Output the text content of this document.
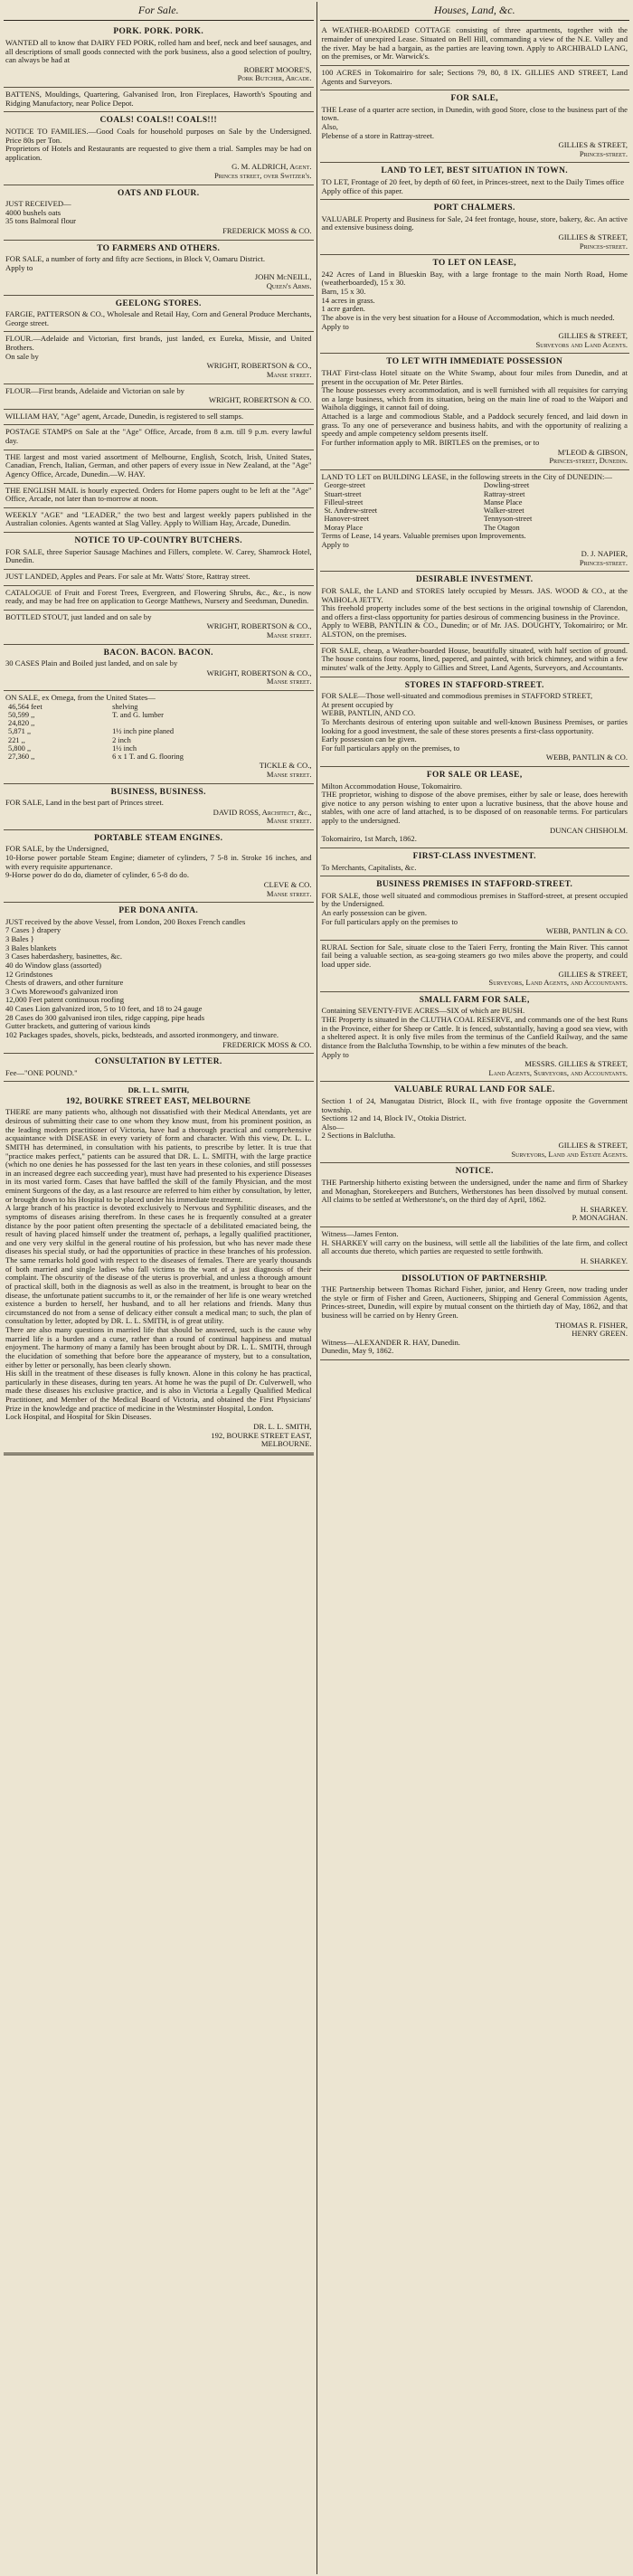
For Sale.
PORK. PORK. PORK.

WANTED all to know that DAIRY FED PORK, rolled ham and beef, neck and beef sausages, and all descriptions of small goods connected with the pork business, also a good selection of poultry, can always be had at

ROBERT MOORE'S,
Pork Butcher, Arcade.

BATTENS, Mouldings, Quartering, Galvanised Iron, Iron Fireplaces, Haworth's Spouting and Ridging Manufactory, near Police Depot.

COALS! COALS!! COALS!!!

NOTICE TO FAMILIES.—Good Coals for household purposes on Sale by the Undersigned. Price 80s per Ton.
Proprietors of Hotels and Restaurants are requested to give them a trial. Samples may be had on application.

G. M. ALDRICH, Agent.
Princes street, over Switzer's.
OATS AND FLOUR.

JUST RECEIVED—
4000 bushels oats
35 tons Balmoral flour

FREDERICK MOSS & CO.
TO FARMERS AND OTHERS.

FOR SALE, a number of forty and fifty acre Sections, in Block V, Oamaru District.
Apply to

JOHN McNEILL,
Queen's Arms.
GEELONG STORES.

FARGIE, PATTERSON & CO., Wholesale and Retail Hay, Corn and General Produce Merchants, George street.

FLOUR.—Adelaide and Victorian, first brands, just landed, ex Eureka, Missie, and United Brothers.
On sale by

WRIGHT, ROBERTSON & CO.,
Manse street.

FLOUR—First brands, Adelaide and Victorian on sale by

WRIGHT, ROBERTSON & CO.

WILLIAM HAY, "Age" agent, Arcade, Dunedin, is registered to sell stamps.

POSTAGE STAMPS on Sale at the "Age" Office, Arcade, from 8 a.m. till 9 p.m. every lawful day.

THE largest and most varied assortment of Melbourne, English, Scotch, Irish, United States, Canadian, French, Italian, German, and other papers of every issue in New Zealand, at the "Age" Agency Office, Arcade, Dunedin.—W. HAY.

THE ENGLISH MAIL is hourly expected. Orders for Home papers ought to be left at the "Age" Office, Arcade, not later than to-morrow at noon.

WEEKLY "AGE" and "LEADER," the two best and largest weekly papers published in the Australian colonies. Agents wanted at Slag Valley. Apply to William Hay, Arcade, Dunedin.

NOTICE TO UP-COUNTRY BUTCHERS.

FOR SALE, three Superior Sausage Machines and Fillers, complete. W. Carey, Shamrock Hotel, Dunedin.

JUST LANDED, Apples and Pears. For sale at Mr. Watts' Store, Rattray street.

CATALOGUE of Fruit and Forest Trees, Evergreen, and Flowering Shrubs, &c., &c., is now ready, and may be had free on application to George Matthews, Nursery and Seedsman, Dunedin.

BOTTLED STOUT, just landed and on sale by

WRIGHT, ROBERTSON & CO.,
Manse street.
BACON. BACON. BACON.

30 CASES Plain and Boiled just landed, and on sale by

WRIGHT, ROBERTSON & CO.,
Manse street.

ON SALE, ex Omega, from the United States—

46,564 feet	shelving
50,599 ,,	T. and G. lumber
24,820 ,,	
5,871 ,,	1½ inch pine planed
221 ,,	2 inch
5,800 ,,	1½ inch
27,360 ,,	6 x 1 T. and G. flooring
TICKLE & CO.,
Manse street.
BUSINESS, BUSINESS.

FOR SALE, Land in the best part of Princes street.

DAVID ROSS, Architect, &c.,
Manse street.
PORTABLE STEAM ENGINES.

FOR SALE, by the Undersigned,
10-Horse power portable Steam Engine; diameter of cylinders, 7 5-8 in. Stroke 16 inches, and with every requisite appurtenance.
9-Horse power do do do, diameter of cylinder, 6 5-8 do do.

CLEVE & CO.
Manse street.
PER DONA ANITA.

JUST received by the above Vessel, from London, 200 Boxes French candles
7 Cases } drapery
3 Bales }
3 Bales blankets
3 Cases haberdashery, basinettes, &c.
40 do Window glass (assorted)
12 Grindstones
Chests of drawers, and other furniture
3 Cwts Morewood's galvanized iron
12,000 Feet patent continuous roofing
40 Cases Lion galvanized iron, 5 to 10 feet, and 18 to 24 gauge
28 Cases do 300 galvanised iron tiles, ridge capping, pipe heads
Gutter brackets, and guttering of various kinds
102 Packages spades, shovels, picks, bedsteads, and assorted ironmongery, and tinware.

FREDERICK MOSS & CO.
CONSULTATION BY LETTER.

Fee—"ONE POUND."

DR. L. L. SMITH,
192, BOURKE STREET EAST, MELBOURNE

THERE are many patients who, although not dissatisfied with their Medical Attendants, yet are desirous of submitting their case to one whom they know must, from his prominent position, as the leading modern practitioner of Victoria, have had a thorough practical and comprehensive acquaintance with DISEASE in every variety of form and character. With this view, Dr. L. L. SMITH has determined, in consultation with his patients, to prescribe by letter. It is true that "practice makes perfect," patients can be assured that DR. L. L. SMITH, with the large practice (which no one denies he has possessed for the last ten years in these colonies, and still possesses in an increased degree each succeeding year), must have had presented to his experience Diseases in its most varied form. Cases that have baffled the skill of the family Physician, and the most eminent Surgeons of the day, as a last resource are referred to him either by consultation, by letter, or brought down to his Hospital to be placed under his immediate treatment.
A large branch of his practice is devoted exclusively to Nervous and Syphilitic diseases, and the symptoms of diseases arising therefrom. In these cases he is frequently consulted at a greater distance by the poor patient often presenting the spectacle of a debilitated emaciated being, the result of having placed himself under the treatment of, perhaps, a legally qualified practitioner, and one very very skilful in the general routine of his profession, but who has never made these diseases his special study, or had the opportunities of practice in these branches of his profession. The same remarks hold good with respect to the diseases of females. There are yearly thousands of both married and single ladies who fall victims to the want of a just diagnosis of their complaint. The obscurity of the disease of the uterus is proverbial, and unless a thorough amount of practical skill, both in the diagnosis as well as also in the treatment, is brought to bear on the disease, the unfortunate patient succumbs to it, or the remainder of her life is one weary wretched existence a burden to herself, her husband, and to all her relations and friends. Many thus circumstanced do not from a sense of delicacy either consult a medical man; to such, the plan of consultation by letter, adopted by DR. L. L. SMITH, is of great utility.
There are also many questions in married life that should be answered, such is the cause why married life is a burden and a curse, rather than a round of continual happiness and mutual enjoyment. The harmony of many a family has been brought about by DR. L. L. SMITH, through the elucidation of something that before bore the appearance of mystery, but to a consultation, either by letter or personally, has been clearly shown.
His skill in the treatment of these diseases is fully known. Alone in this colony he has practical, particularly in these diseases, during ten years. At home he was the pupil of Dr. Culverwell, who made these diseases his exclusive practice, and is also in Victoria a Legally Qualified Medical Practitioner, and Member of the Medical Board of Victoria, and obtained the First Physicians' Prize in the knowledge and practice of medicine in the Westminster Hospital, London.
Lock Hospital, and Hospital for Skin Diseases.

DR. L. L. SMITH,
192, BOURKE STREET EAST,
MELBOURNE.
Houses, Land, &c.

A WEATHER-BOARDED COTTAGE consisting of three apartments, together with the remainder of unexpired Lease. Situated on Bell Hill, commanding a view of the N.E. Valley and the river. May be had a bargain, as the parties are leaving town. Apply to ARCHIBALD LANG, on the premises, or Mr. Warwick's.

100 ACRES in Tokomairiro for sale; Sections 79, 80, 8 IX. GILLIES AND STREET, Land Agents and Surveyors.

FOR SALE,

THE Lease of a quarter acre section, in Dunedin, with good Store, close to the business part of the town.
Also,
Plebense of a store in Rattray-street.

GILLIES & STREET,
Princes-street.
LAND TO LET, BEST SITUATION IN TOWN.

TO LET, Frontage of 20 feet, by depth of 60 feet, in Princes-street, next to the Daily Times office
Apply office of this paper.

PORT CHALMERS.

VALUABLE Property and Business for Sale, 24 feet frontage, house, store, bakery, &c. An active and extensive business doing.

GILLIES & STREET,
Princes-street.
TO LET ON LEASE,

242 Acres of Land in Blueskin Bay, with a large frontage to the main North Road, Home (weatherboarded), 15 x 30.
Barn, 15 x 30.
14 acres in grass.
1 acre garden.
The above is in the very best situation for a House of Accommodation, which is much needed.
Apply to

GILLIES & STREET,
Surveyors and Land Agents.
TO LET WITH IMMEDIATE POSSESSION

THAT First-class Hotel situate on the White Swamp, about four miles from Dunedin, and at present in the occupation of Mr. Peter Birtles.
The house possesses every accommodation, and is well furnished with all requisites for carrying on a large business, which from its situation, being on the main line of road to the Waipori and Waihola diggings, it cannot fail of doing.
Attached is a large and commodious Stable, and a Paddock securely fenced, and laid down in grass. To any one of perseverance and business habits, and with the opportunity of realizing a speedy and ample competency seldom presents itself.
For further information apply to MR. BIRTLES on the premises, or to

M'LEOD & GIBSON,
Princes-street, Dunedin.

LAND TO LET on BUILDING LEASE, in the following streets in the City of DUNEDIN:—

George-street	Dowling-street
Stuart-street	Rattray-street
Filleul-street	Manse Place
St. Andrew-street	Walker-street
Hanover-street	Tennyson-street
Moray Place	The Otagon

Terms of Lease, 14 years. Valuable premises upon Improvements.
Apply to

D. J. NAPIER,
Princes-street.
DESIRABLE INVESTMENT.

FOR SALE, the LAND and STORES lately occupied by Messrs. JAS. WOOD & CO., at the WAIHOLA JETTY.
This freehold property includes some of the best sections in the original township of Clarendon, and offers a first-class opportunity for parties desirous of commencing business in the Province.
Apply to WEBB, PANTLIN & CO., Dunedin; or of Mr. JAS. DOUGHTY, Tokomairiro; or Mr. ALSTON, on the premises.

FOR SALE, cheap, a Weather-boarded House, beautifully situated, with half section of ground. The house contains four rooms, lined, papered, and painted, with brick chimney, and within a few minutes' walk of the Jetty. Apply to Gillies and Street, Land Agents, Surveyors, and Accountants.

STORES IN STAFFORD-STREET.

FOR SALE—Those well-situated and commodious premises in STAFFORD STREET,
At present occupied by
WEBB, PANTLIN, AND CO.
To Merchants desirous of entering upon suitable and well-known Business Premises, or parties looking for a good investment, the sale of these stores presents a first-class opportunity.
Early possession can be given.
For full particulars apply on the premises, to

WEBB, PANTLIN & CO.
FOR SALE OR LEASE,

Milton Accommodation House, Tokomairiro.
THE proprietor, wishing to dispose of the above premises, either by sale or lease, does herewith give notice to any person wishing to enter upon a lucrative business, that the above house and stables, with one acre of land attached, is to be disposed of on reasonable terms. For particulars apply to the undersigned.

DUNCAN CHISHOLM.
Tokomairiro, 1st March, 1862.
FIRST-CLASS INVESTMENT.

To Merchants, Capitalists, &c.

BUSINESS PREMISES IN STAFFORD-STREET.

FOR SALE, those well situated and commodious premises in Stafford-street, at present occupied by the Undersigned.
An early possession can be given.
For full particulars apply on the premises to

WEBB, PANTLIN & CO.

RURAL Section for Sale, situate close to the Taieri Ferry, fronting the Main River. This cannot fail being a valuable section, as sea-going steamers go two miles above the property, and could load upper side.

GILLIES & STREET,
Surveyors, Land Agents, and Accountants.
SMALL FARM FOR SALE,

Containing SEVENTY-FIVE ACRES—SIX of which are BUSH.
THE Property is situated in the CLUTHA COAL RESERVE, and commands one of the best Runs in the Province, either for Sheep or Cattle. It is fenced, substantially, having a good sea view, with a sheltered aspect. It is only five miles from the terminus of the Canfield Railway, and the same distance from the Balclutha Township, to be within a few minutes of the beach.
Apply to

MESSRS. GILLIES & STREET,
Land Agents, Surveyors, and Accountants.
VALUABLE RURAL LAND FOR SALE.

Section 1 of 24, Manugatau District, Block II., with five frontage opposite the Government township.
Sections 12 and 14, Block IV., Otokia District.
Also—
2 Sections in Balclutha.

GILLIES & STREET,
Surveyors, Land and Estate Agents.
NOTICE.

THE Partnership hitherto existing between the undersigned, under the name and firm of Sharkey and Monaghan, Storekeepers and Butchers, Wetherstones has been dissolved by mutual consent. All claims to be settled at Wetherstone's, on the third day of April, 1862.

H. SHARKEY.
P. MONAGHAN.

Witness—James Fenton.
H. SHARKEY will carry on the business, will settle all the liabilities of the late firm, and collect all accounts due thereto, which parties are requested to settle forthwith.

H. SHARKEY.
DISSOLUTION OF PARTNERSHIP.

THE Partnership between Thomas Richard Fisher, junior, and Henry Green, now trading under the style or firm of Fisher and Green, Auctioneers, Shipping and General Commission Agents, Princes-street, Dunedin, will expire by mutual consent on the thirtieth day of May, 1862, and that business will be carried on by Henry Green.

THOMAS R. FISHER,
HENRY GREEN.
Witness—ALEXANDER R. HAY, Dunedin.
Dunedin, May 9, 1862.
